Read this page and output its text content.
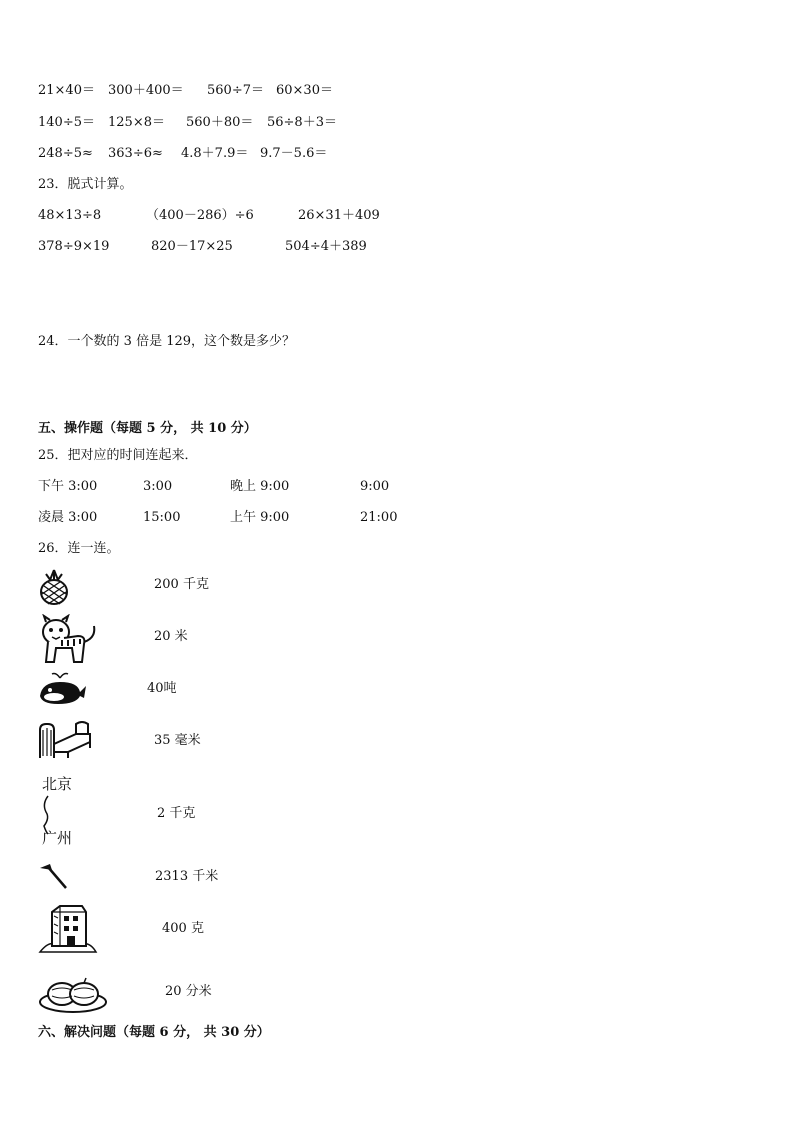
21×40＝ 300＋400＝ 560÷7＝ 60×30＝
140÷5＝ 125×8＝ 560＋80＝ 56÷8＋3＝
248÷5≈ 363÷6≈ 4.8＋7.9＝ 9.7－5.6＝
23．脱式计算。
48×13÷8	（400－286）÷6	26×31＋409
378÷9×19	820－17×25	504÷4＋389
24．一个数的 3 倍是 129，这个数是多少？
五、操作题（每题 5 分， 共 10 分）
25．把对应的时间连起来．
下午 3:00	3:00	晚上 9:00	9:00
凌晨 3:00	15:00	上午 9:00	21:00
26．连一连。
200 千克
20 米
40吨
35 毫米
北京
广州
2 千克
2313 千米
400 克
20 分米
六、解决问题（每题 6 分， 共 30 分）
